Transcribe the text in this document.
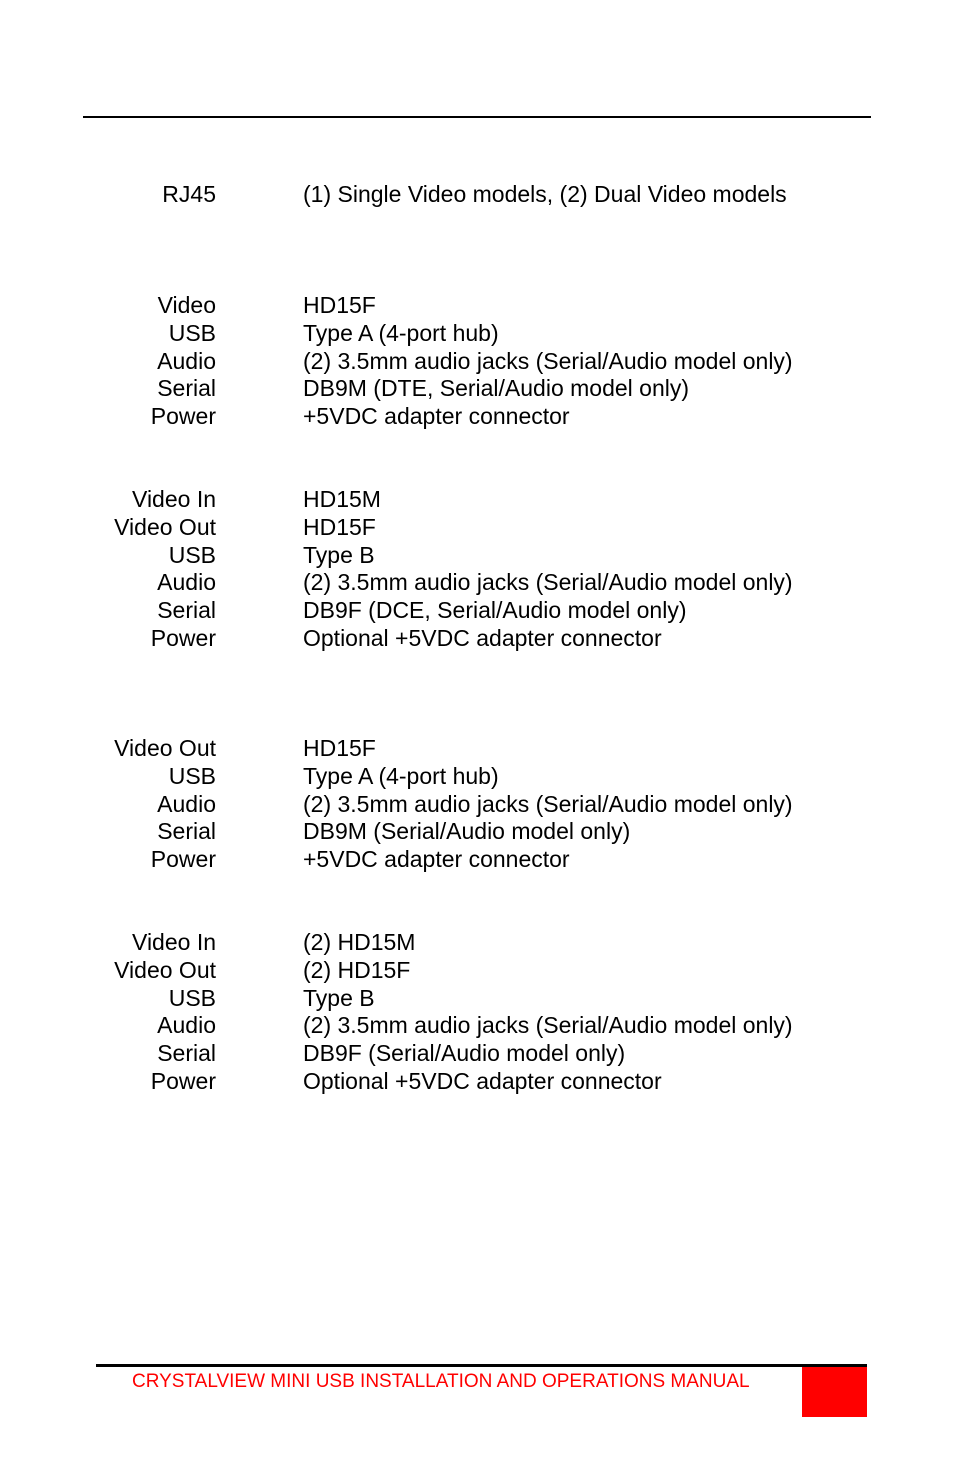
RJ45	(1) Single Video models, (2) Dual Video models
Video	HD15F
USB	Type A (4-port hub)
Audio	(2) 3.5mm audio jacks (Serial/Audio model only)
Serial	DB9M (DTE, Serial/Audio model only)
Power	+5VDC adapter connector
Video In	HD15M
Video Out	HD15F
USB	Type B
Audio	(2) 3.5mm audio jacks (Serial/Audio model only)
Serial	DB9F (DCE, Serial/Audio model only)
Power	Optional +5VDC adapter connector
Video Out	HD15F
USB	Type A (4-port hub)
Audio	(2) 3.5mm audio jacks (Serial/Audio model only)
Serial	DB9M (Serial/Audio model only)
Power	+5VDC adapter connector
Video In	(2) HD15M
Video Out	(2) HD15F
USB	Type B
Audio	(2) 3.5mm audio jacks (Serial/Audio model only)
Serial	DB9F (Serial/Audio model only)
Power	Optional +5VDC adapter connector
CRYSTALVIEW MINI USB INSTALLATION AND OPERATIONS MANUAL
